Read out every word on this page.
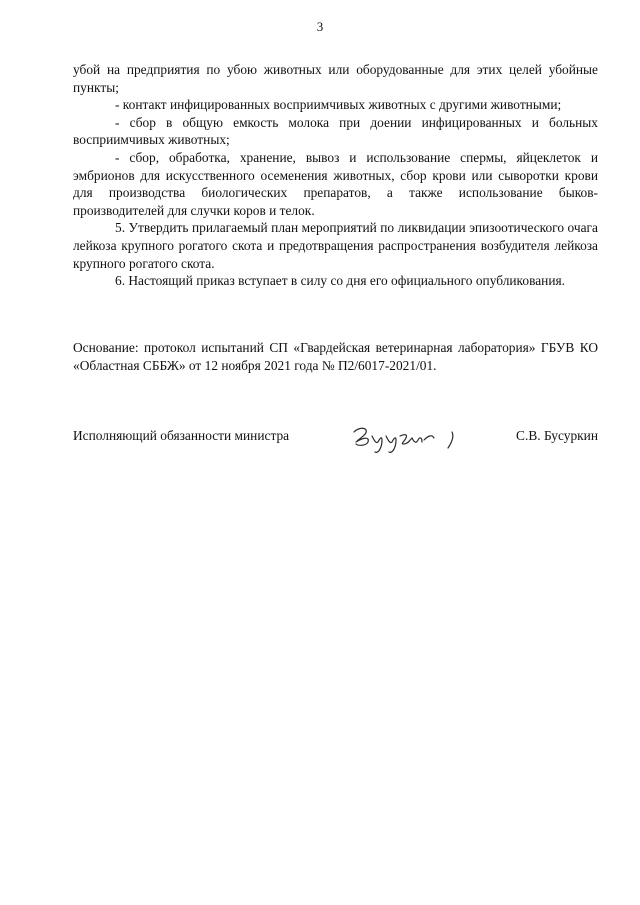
3

убой на предприятия по убою животных или оборудованные для этих целей убойные пункты;

- контакт инфицированных восприимчивых животных с другими животными;

- сбор в общую емкость молока при доении инфицированных и больных восприимчивых животных;

- сбор, обработка, хранение, вывоз и использование спермы, яйцеклеток и эмбрионов для искусственного осеменения животных, сбор крови или сыворотки крови для производства биологических препаратов, а также использование быков-производителей для случки коров и телок.

5. Утвердить прилагаемый план мероприятий по ликвидации эпизоотического очага лейкоза крупного рогатого скота и предотвращения распространения возбудителя лейкоза крупного рогатого скота.

6. Настоящий приказ вступает в силу со дня его официального опубликования.

Основание: протокол испытаний СП «Гвардейская ветеринарная лаборатория» ГБУВ КО «Областная СББЖ» от 12 ноября 2021 года № П2/6017-2021/01.

Исполняющий обязанности министра	С.В. Бусуркин
